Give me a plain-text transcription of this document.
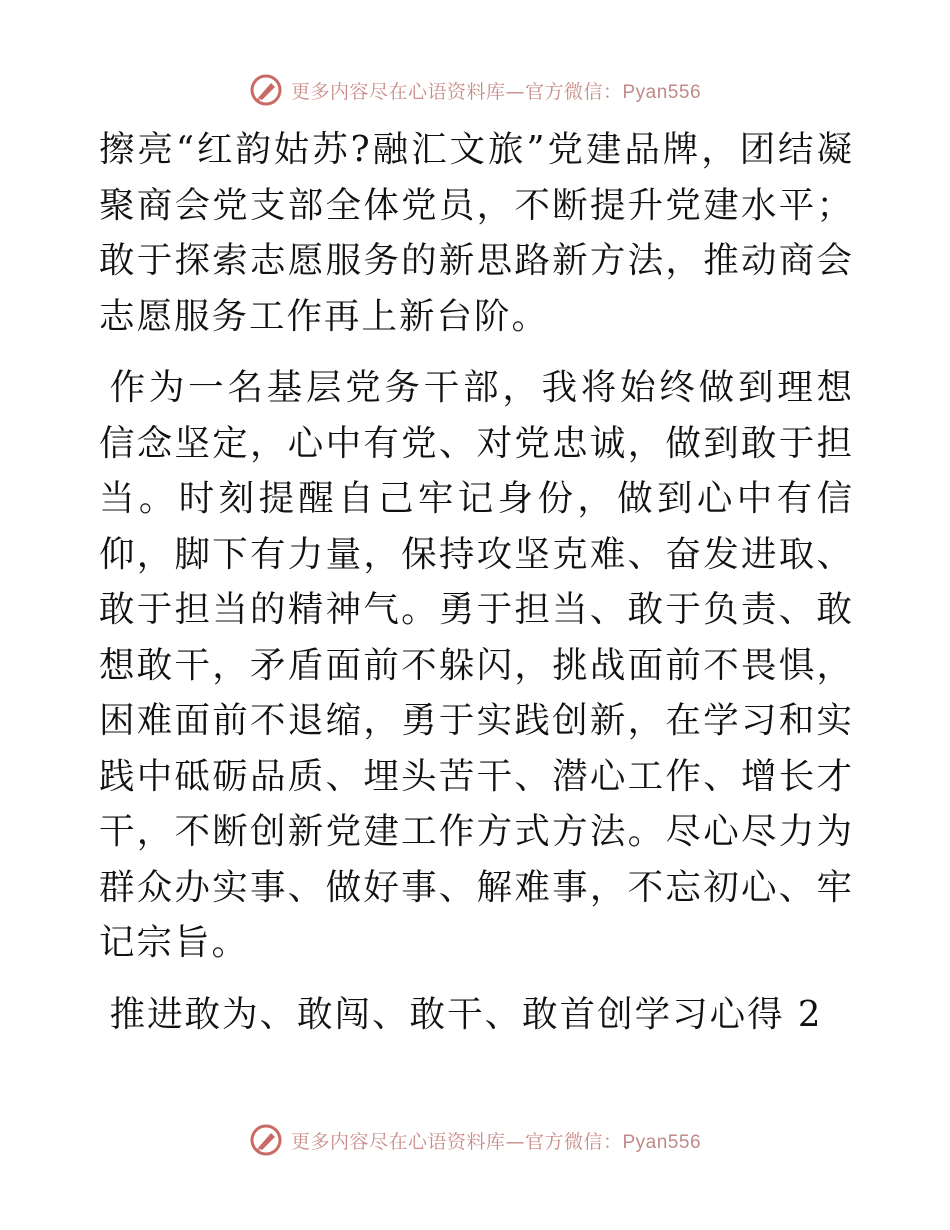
更多内容尽在心语资料库—官方微信：Pyan556

擦亮“红韵姑苏?融汇文旅”党建品牌，团结凝聚商会党支部全体党员，不断提升党建水平；敢于探索志愿服务的新思路新方法，推动商会志愿服务工作再上新台阶。

作为一名基层党务干部，我将始终做到理想信念坚定，心中有党、对党忠诚，做到敢于担当。时刻提醒自己牢记身份，做到心中有信仰，脚下有力量，保持攻坚克难、奋发进取、敢于担当的精神气。勇于担当、敢于负责、敢想敢干，矛盾面前不躲闪，挑战面前不畏惧，困难面前不退缩，勇于实践创新，在学习和实践中砥砺品质、埋头苦干、潜心工作、增长才干，不断创新党建工作方式方法。尽心尽力为群众办实事、做好事、解难事，不忘初心、牢记宗旨。

推进敢为、敢闯、敢干、敢首创学习心得 2

更多内容尽在心语资料库—官方微信：Pyan556
